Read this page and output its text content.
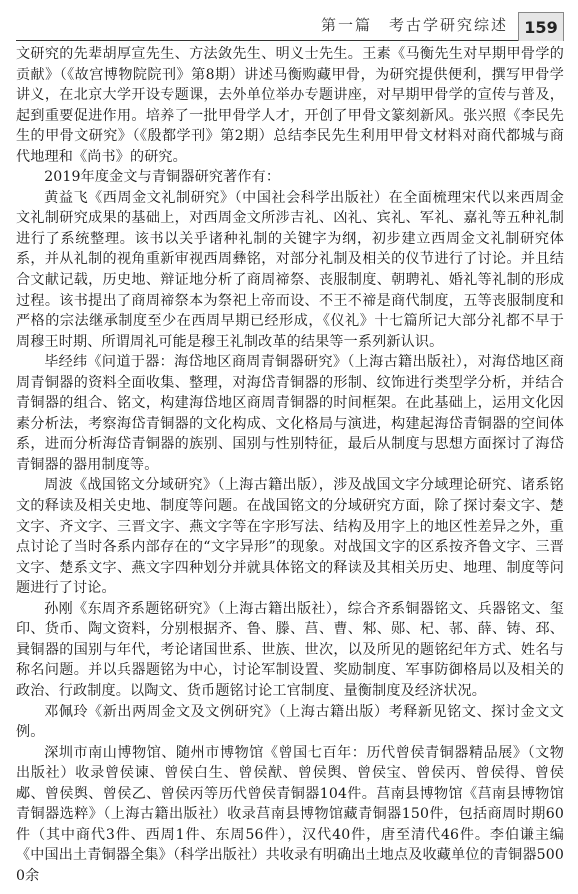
第一篇　考古学研究综述	159

文研究的先辈胡厚宣先生、方法敛先生、明义士先生。王素《马衡先生对早期甲骨学的贡献》（《故宫博物院院刊》第8期）讲述马衡购藏甲骨，为研究提供便利，撰写甲骨学讲义，在北京大学开设专题课，去外单位举办专题讲座，对早期甲骨学的宣传与普及，起到重要促进作用。培养了一批甲骨学人才，开创了甲骨文篆刻新风。张兴照《李民先生的甲骨文研究》（《殷都学刊》第2期）总结李民先生利用甲骨文材料对商代都城与商代地理和《尚书》的研究。

2019年度金文与青铜器研究著作有：

黄益飞《西周金文礼制研究》（中国社会科学出版社）在全面梳理宋代以来西周金文礼制研究成果的基础上，对西周金文所涉吉礼、凶礼、宾礼、军礼、嘉礼等五种礼制进行了系统整理。该书以关乎诸种礼制的关键字为纲，初步建立西周金文礼制研究体系，并从礼制的视角重新审视西周彝铭，对部分礼制及相关的仪节进行了讨论。并且结合文献记载，历史地、辩证地分析了商周禘祭、丧服制度、朝聘礼、婚礼等礼制的形成过程。该书提出了商周禘祭本为祭祀上帝而设、不王不禘是商代制度，五等丧服制度和严格的宗法继承制度至少在西周早期已经形成，《仪礼》十七篇所记大部分礼都不早于周穆王时期、所谓周礼可能是穆王礼制改革的结果等一系列新认识。

毕经纬《问道于器：海岱地区商周青铜器研究》（上海古籍出版社），对海岱地区商周青铜器的资料全面收集、整理，对海岱青铜器的形制、纹饰进行类型学分析，并结合青铜器的组合、铭文，构建海岱地区商周青铜器的时间框架。在此基础上，运用文化因素分析法，考察海岱青铜器的文化构成、文化格局与演进，构建起海岱青铜器的空间体系，进而分析海岱青铜器的族别、国别与性别特征，最后从制度与思想方面探讨了海岱青铜器的器用制度等。

周波《战国铭文分域研究》（上海古籍出版），涉及战国文字分域理论研究、诸系铭文的释读及相关史地、制度等问题。在战国铭文的分域研究方面，除了探讨秦文字、楚文字、齐文字、三晋文字、燕文字等在字形写法、结构及用字上的地区性差异之外，重点讨论了当时各系内部存在的“文字异形”的现象。对战国文字的区系按齐鲁文字、三晋文字、楚系文字、燕文字四种划分并就具体铭文的释读及其相关历史、地理、制度等问题进行了讨论。

孙刚《东周齐系题铭研究》（上海古籍出版社），综合齐系铜器铭文、兵器铭文、玺印、货币、陶文资料，分别根据齐、鲁、滕、莒、曹、邾、郧、杞、邿、薛、铸、邳、㠱铜器的国别与年代，考论诸国世系、世族、世次，以及所见的题铭纪年方式、姓名与称名问题。并以兵器题铭为中心，讨论军制设置、奖励制度、军事防御格局以及相关的政治、行政制度。以陶文、货币题铭讨论工官制度、量衡制度及经济状况。

邓佩玲《新出两周金文及文例研究》（上海古籍出版）考释新见铭文、探讨金文文例。

深圳市南山博物馆、随州市博物馆《曾国七百年：历代曾侯青铜器精品展》（文物出版社）收录曾侯谏、曾侯白生、曾侯猷、曾侯舆、曾侯宝、曾侯丙、曾侯得、曾侯郕、曾侯舆、曾侯乙、曾侯丙等历代曾侯青铜器104件。莒南县博物馆《莒南县博物馆青铜器选粹》（上海古籍出版社）收录莒南县博物馆藏青铜器150件，包括商周时期60件（其中商代3件、西周1件、东周56件），汉代40件，唐至清代46件。李伯谦主编《中国出土青铜器全集》（科学出版社）共收录有明确出土地点及收藏单位的青铜器5000余
